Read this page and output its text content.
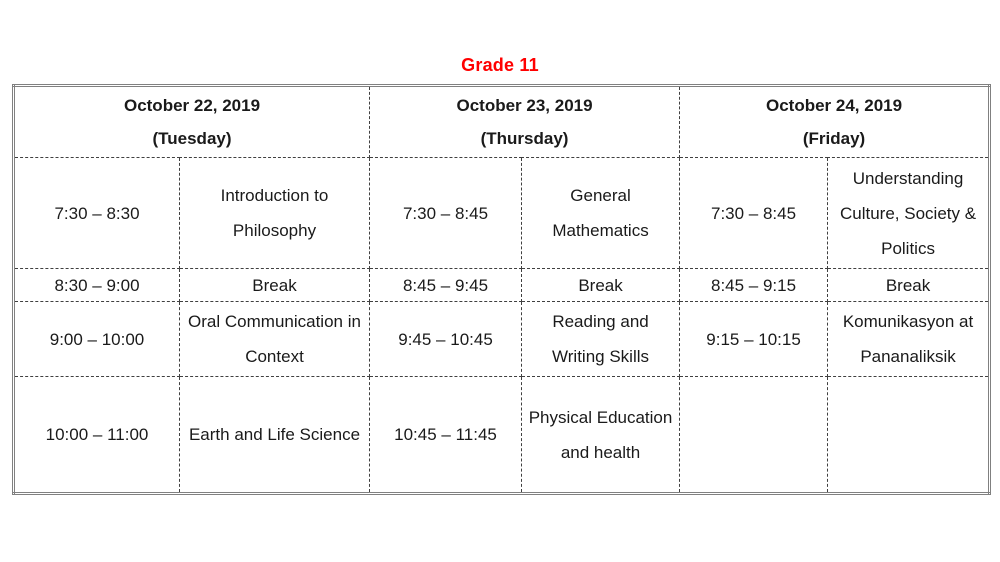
Grade 11
October 22, 2019
(Tuesday)

October 23, 2019
(Thursday)

October 24, 2019
(Friday)

7:30 – 8:30	Introduction to Philosophy	7:30 – 8:45	General Mathematics	7:30 – 8:45	Understanding Culture, Society & Politics
8:30 – 9:00	Break	8:45 – 9:45	Break	8:45 – 9:15	Break
9:00 – 10:00	Oral Communication in Context	9:45 – 10:45	Reading and Writing Skills	9:15 – 10:15	Komunikasyon at Pananaliksik
10:00 – 11:00	Earth and Life Science	10:45 – 11:45	Physical Education and health		
